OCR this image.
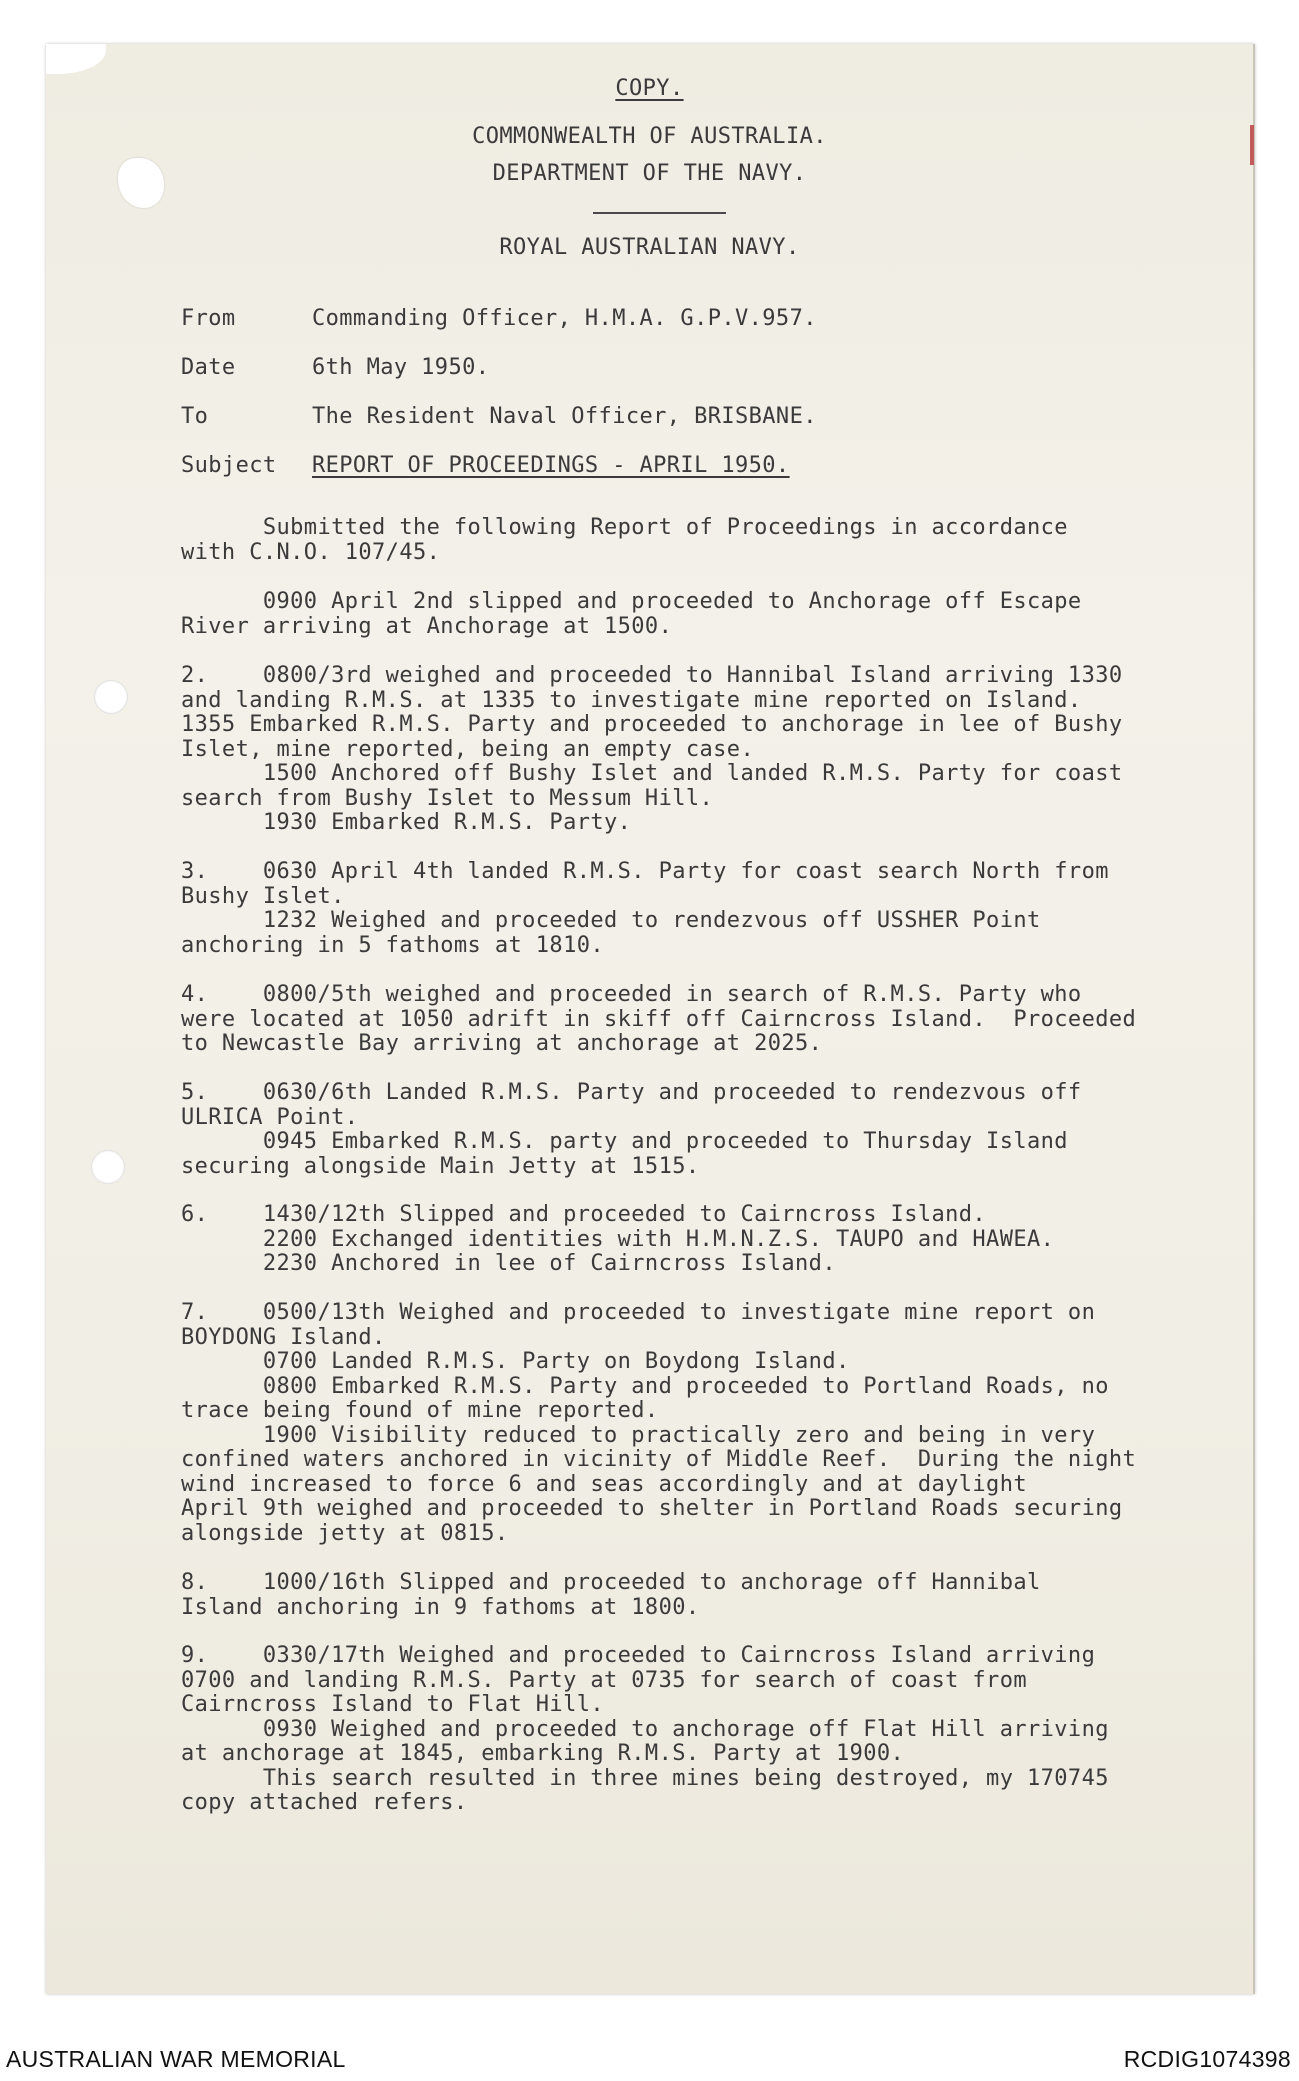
COPY.
COMMONWEALTH OF AUSTRALIA.
DEPARTMENT OF THE NAVY.
ROYAL AUSTRALIAN NAVY.
From	Commanding Officer, H.M.A. G.P.V.957.
Date	6th May 1950.
To	The Resident Naval Officer, BRISBANE.
Subject REPORT OF PROCEEDINGS - APRIL 1950.
Submitted the following Report of Proceedings in accordance
with C.N.O. 107/45.
0900 April 2nd slipped and proceeded to Anchorage off Escape
River arriving at Anchorage at 1500.
2.    0800/3rd weighed and proceeded to Hannibal Island arriving 1330
and landing R.M.S. at 1335 to investigate mine reported on Island.
1355 Embarked R.M.S. Party and proceeded to anchorage in lee of Bushy
Islet, mine reported, being an empty case.
1500 Anchored off Bushy Islet and landed R.M.S. Party for coast
search from Bushy Islet to Messum Hill.
1930 Embarked R.M.S. Party.
3.    0630 April 4th landed R.M.S. Party for coast search North from
Bushy Islet.
1232 Weighed and proceeded to rendezvous off USSHER Point
anchoring in 5 fathoms at 1810.
4.    0800/5th weighed and proceeded in search of R.M.S. Party who
were located at 1050 adrift in skiff off Cairncross Island.  Proceeded
to Newcastle Bay arriving at anchorage at 2025.
5.    0630/6th Landed R.M.S. Party and proceeded to rendezvous off
ULRICA Point.
0945 Embarked R.M.S. party and proceeded to Thursday Island
securing alongside Main Jetty at 1515.
6.    1430/12th Slipped and proceeded to Cairncross Island.
2200 Exchanged identities with H.M.N.Z.S. TAUPO and HAWEA.
2230 Anchored in lee of Cairncross Island.
7.    0500/13th Weighed and proceeded to investigate mine report on
BOYDONG Island.
0700 Landed R.M.S. Party on Boydong Island.
0800 Embarked R.M.S. Party and proceeded to Portland Roads, no
trace being found of mine reported.
1900 Visibility reduced to practically zero and being in very
confined waters anchored in vicinity of Middle Reef.  During the night
wind increased to force 6 and seas accordingly and at daylight
April 9th weighed and proceeded to shelter in Portland Roads securing
alongside jetty at 0815.
8.    1000/16th Slipped and proceeded to anchorage off Hannibal
Island anchoring in 9 fathoms at 1800.
9.    0330/17th Weighed and proceeded to Cairncross Island arriving
0700 and landing R.M.S. Party at 0735 for search of coast from
Cairncross Island to Flat Hill.
0930 Weighed and proceeded to anchorage off Flat Hill arriving
at anchorage at 1845, embarking R.M.S. Party at 1900.
This search resulted in three mines being destroyed, my 170745
copy attached refers.
AUSTRALIAN WAR MEMORIAL	RCDIG1074398
